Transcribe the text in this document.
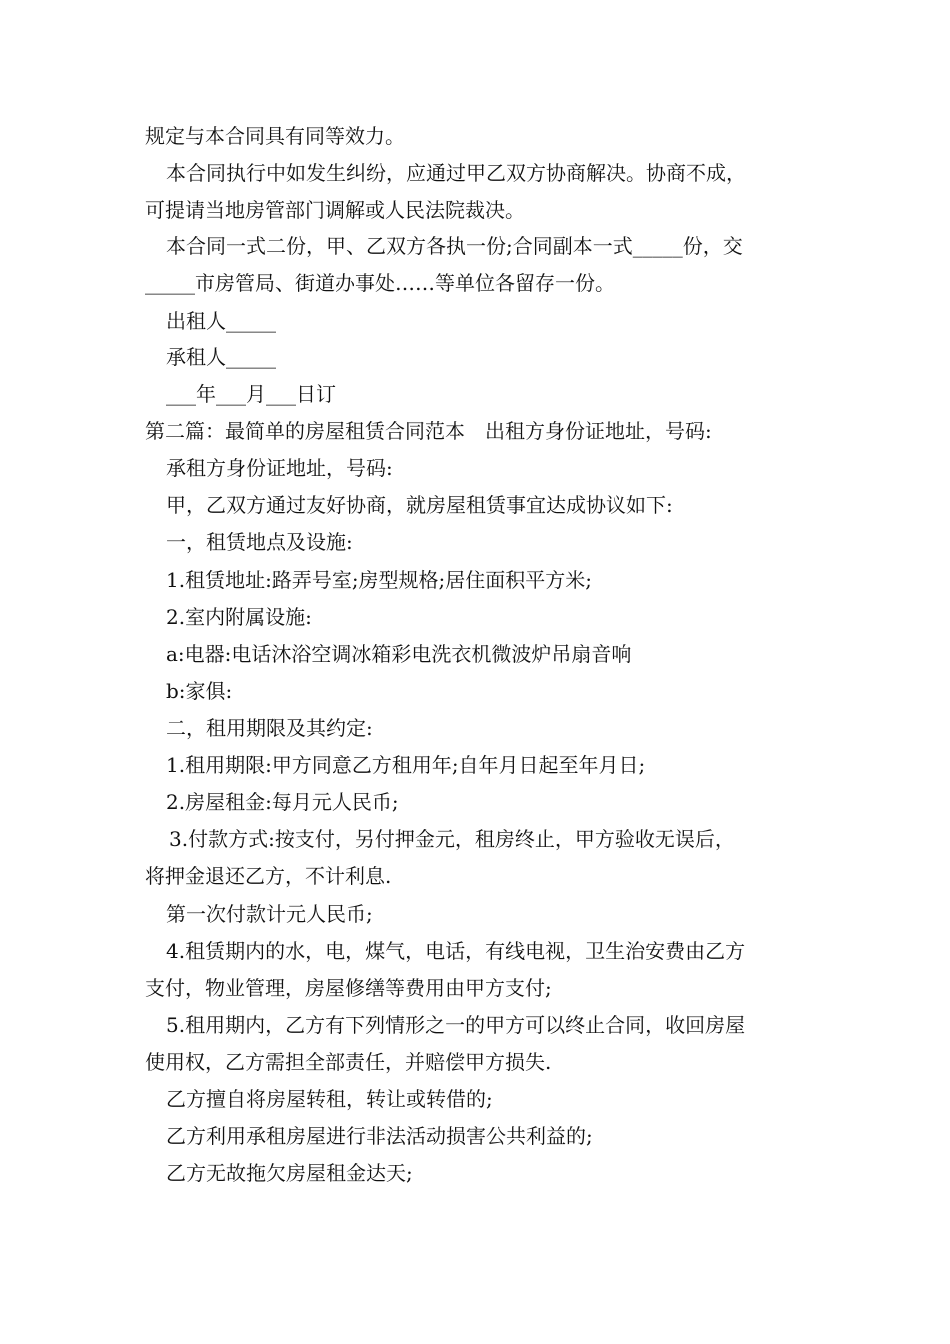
规定与本合同具有同等效力。

本合同执行中如发生纠纷，应通过甲乙双方协商解决。协商不成，

可提请当地房管部门调解或人民法院裁决。

本合同一式二份，甲、乙双方各执一份;合同副本一式_____份，交

_____市房管局、街道办事处……等单位各留存一份。

出租人_____

承租人_____

___年___月___日订

第二篇：最简单的房屋租赁合同范本　出租方身份证地址，号码:

承租方身份证地址，号码:

甲，乙双方通过友好协商，就房屋租赁事宜达成协议如下:

一，租赁地点及设施:

1.租赁地址:路弄号室;房型规格;居住面积平方米;

2.室内附属设施:

a:电器:电话沐浴空调冰箱彩电洗衣机微波炉吊扇音响

b:家俱:

二，租用期限及其约定:

1.租用期限:甲方同意乙方租用年;自年月日起至年月日;

2.房屋租金:每月元人民币;

3.付款方式:按支付，另付押金元，租房终止，甲方验收无误后，

将押金退还乙方，不计利息.

第一次付款计元人民币;

4.租赁期内的水，电，煤气，电话，有线电视，卫生治安费由乙方

支付，物业管理，房屋修缮等费用由甲方支付;

5.租用期内，乙方有下列情形之一的甲方可以终止合同，收回房屋

使用权，乙方需担全部责任，并赔偿甲方损失.

乙方擅自将房屋转租，转让或转借的;

乙方利用承租房屋进行非法活动损害公共利益的;

乙方无故拖欠房屋租金达天;
